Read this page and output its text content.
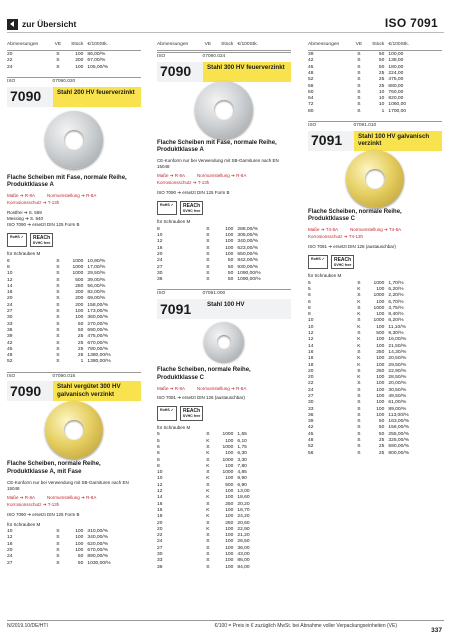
zur Übersicht	ISO 7091
Abmessungen	VE	Stück €/100Stk.
20	S	100 86,00/%
22	S	200 67,00/%
24	S	100 105,00/%
ISO	07090.020
7090	Stahl 200 HV feuerverzinkt
Flache Scheiben mit Fase, normale Reihe, Produktklasse A
Maße ➔ R-8A	Normumstellung ➔ R-8A
Korrosionsschutz ➔ T-13h
Rostfrei ➔ S. 559
Messing ➔ S. 840
ISO 7090 ➔ ersetzt DIN 125 Form B
RoHS ✓	REACh
SVHC free
für Schrauben M
6	S	1000 10,90/%
8	S	1000 17,00/%
10	S	1000 29,50/%
12	S	500 39,00/%
14	S	250 56,00/%
16	S	200 82,00/%
20	S	200 69,00/%
24	S	200 158,00/%
27	S	100 173,00/%
30	S	100 360,00/%
33	S	50 270,00/%
36	S	50 690,00/%
39	S	25 475,00/%
42	S	25 670,00/%
45	S	25 780,00/%
48	S	25 1380,00/%
52	S	1 1380,00/%
ISO	07090.016
7090	Stahl vergütet 300 HV galvanisch verzinkt
Flache Scheiben, normale Reihe, Produktklasse A, mit Fase
CE-Konform nur bei Verwendung mit SB-Garnituren nach EN 15048
Maße ➔ R-8A	Normumstellung ➔ R-8A
Korrosionsschutz ➔ T-13h
ISO 7090 ➔ ersetzt DIN 125 Form B
für Schrauben M
10	S	100 310,00/%
12	S	100 340,00/%
16	S	100 620,00/%
20	S	100 670,00/%
24	S	50 890,00/%
27	S	50 1030,00/%
Abmessungen	VE	Stück €/100Stk.
ISO	07090.024
7090	Stahl 300 HV feuerverzinkt
Flache Scheiben mit Fase, normale Reihe, Produktklasse A
CE-Konform nur bei Verwendung mit SB-Garnituren nach EN 15048
Maße ➔ R-8A	Normumstellung ➔ R-8A
Korrosionsschutz ➔ T-13h
ISO 7090 ➔ ersetzt DIN 125 Form B
RoHS ✓	REACh
SVHC free
für Schrauben M
8	S	100 288,00/%
10	S	100 305,00/%
12	S	100 340,00/%
16	S	100 623,00/%
20	S	100 650,00/%
24	S	50 842,00/%
27	S	50 930,00/%
30	S	50 1090,00/%
36	S	50 1090,00/%
ISO	07091.000
7091	Stahl 100 HV
Flache Scheiben, normale Reihe, Produktklasse C
Maße ➔ R-8A	Normumstellung ➔ R-8A
ISO 7091 ➔ ersetzt DIN 126 (austauschbar)
RoHS ✓	REACh
SVHC free
für Schrauben M
5	S	1000 1,55
5	K	100 6,10
6	S	1000 1,75
6	K	100 6,30
8	S	1000 3,30
8	K	100 7,80
10	S	1000 4,85
10	K	100 9,90
12	S	500 6,90
12	K	100 13,00
14	K	100 18,60
16	S	250 20,20
16	K	100 16,70
18	K	100 24,20
20	S	250 20,60
20	K	100 22,90
22	S	100 21,20
24	S	100 26,50
27	S	100 36,00
30	S	100 43,00
33	S	100 86,00
36	S	100 84,00
Abmessungen	VE	Stück €/100Stk.
39	S	50 100,00
42	S	50 138,00
45	S	50 180,00
48	S	25 224,00
52	S	25 475,00
56	S	25 680,00
60	S	10 760,00
64	S	10 820,00
72	S	10 1060,00
80	S	1 1700,00
ISO	07091.010
7091	Stahl 100 HV galvanisch verzinkt
Flache Scheiben, normale Reihe, Produktklasse C
Maße ➔ T4-8A	Normumstellung ➔ T4-8A
Korrosionsschutz ➔ T4-13h
ISO 7091 ➔ ersetzt DIN 126 (austauschbar)
RoHS ✓	REACh
SVHC free
für Schrauben M
5	S	1000 1,70/%
5	K	100 6,20/%
6	S	1000 2,20/%
6	K	100 6,70/%
8	S	1000 3,75/%
8	K	100 8,40/%
10	S	1000 6,20/%
10	K	100 11,10/%
12	S	500 9,30/%
12	K	100 16,00/%
14	K	100 21,50/%
16	S	250 14,30/%
16	K	100 20,50/%
18	K	100 29,50/%
20	S	250 22,90/%
20	K	100 28,50/%
22	S	100 20,00/%
24	S	100 30,50/%
27	S	100 49,50/%
30	S	100 61,00/%
33	S	100 89,00/%
36	S	100 113,00/%
39	S	50 163,00/%
42	S	50 156,00/%
45	S	50 255,00/%
48	S	25 325,00/%
52	S	25 590,00/%
56	S	25 800,00/%
N/2019.10/DE/HTI	€/100 = Preis in € zuzüglich MwSt. bei Abnahme voller Verpackungseinheiten (VE)
337
